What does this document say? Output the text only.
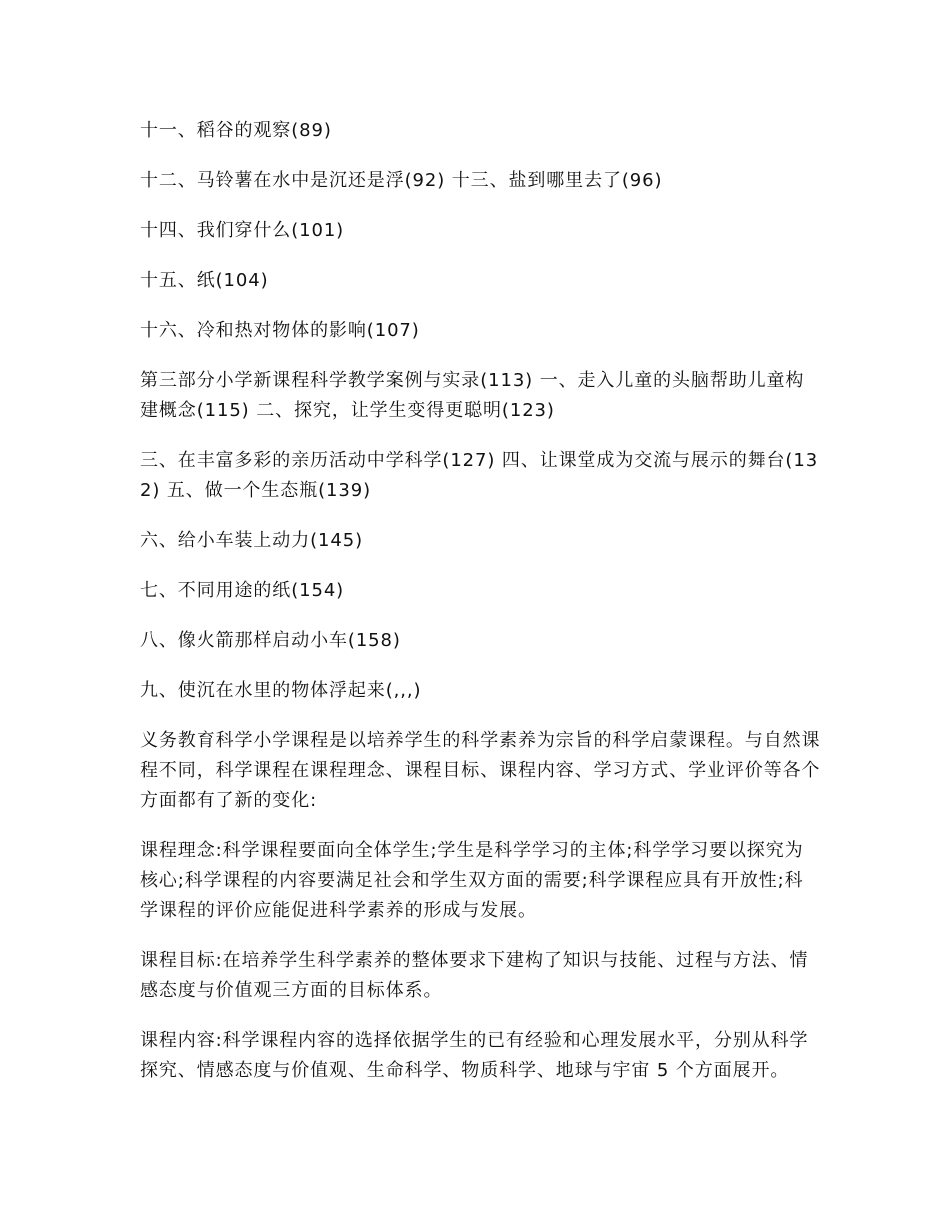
十一、稻谷的观察(89)

十二、马铃薯在水中是沉还是浮(92) 十三、盐到哪里去了(96)

十四、我们穿什么(101)

十五、纸(104)

十六、冷和热对物体的影响(107)

第三部分小学新课程科学教学案例与实录(113) 一、走入儿童的头脑帮助儿童构建概念(115) 二、探究，让学生变得更聪明(123)

三、在丰富多彩的亲历活动中学科学(127) 四、让课堂成为交流与展示的舞台(132) 五、做一个生态瓶(139)

六、给小车装上动力(145)

七、不同用途的纸(154)

八、像火箭那样启动小车(158)

九、使沉在水里的物体浮起来(,,,)

义务教育科学小学课程是以培养学生的科学素养为宗旨的科学启蒙课程。与自然课程不同，科学课程在课程理念、课程目标、课程内容、学习方式、学业评价等各个方面都有了新的变化:

课程理念:科学课程要面向全体学生;学生是科学学习的主体;科学学习要以探究为核心;科学课程的内容要满足社会和学生双方面的需要;科学课程应具有开放性;科学课程的评价应能促进科学素养的形成与发展。

课程目标:在培养学生科学素养的整体要求下建构了知识与技能、过程与方法、情感态度与价值观三方面的目标体系。

课程内容:科学课程内容的选择依据学生的已有经验和心理发展水平，分别从科学探究、情感态度与价值观、生命科学、物质科学、地球与宇宙 5 个方面展开。
